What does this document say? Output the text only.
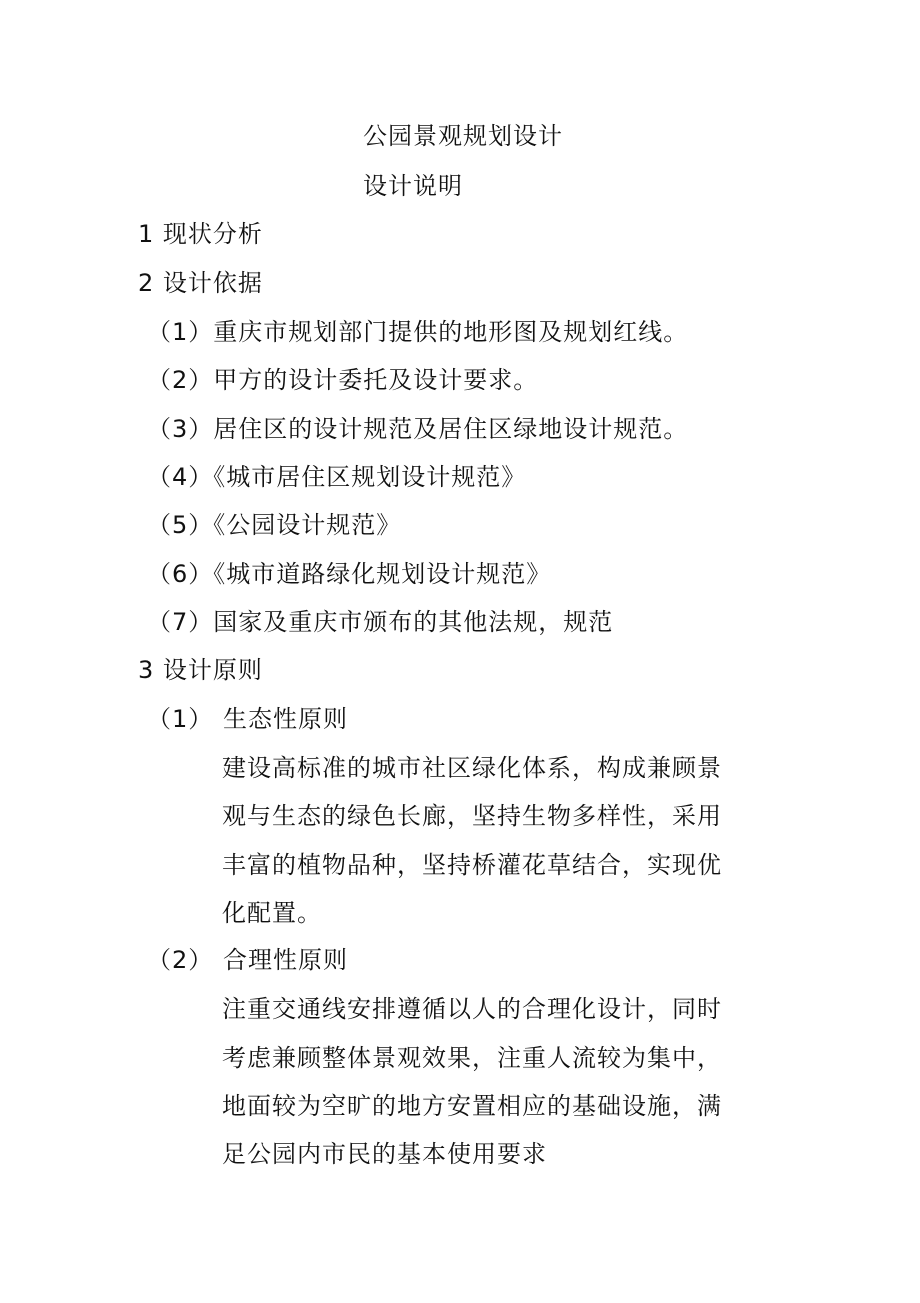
公园景观规划设计
设计说明
1 现状分析
2 设计依据
（1）重庆市规划部门提供的地形图及规划红线。
（2）甲方的设计委托及设计要求。
（3）居住区的设计规范及居住区绿地设计规范。
（4）《城市居住区规划设计规范》
（5）《公园设计规范》
（6）《城市道路绿化规划设计规范》
（7）国家及重庆市颁布的其他法规，规范
3 设计原则
（1） 生态性原则
建设高标准的城市社区绿化体系，构成兼顾景
观与生态的绿色长廊，坚持生物多样性，采用
丰富的植物品种，坚持桥灌花草结合，实现优
化配置。
（2） 合理性原则
注重交通线安排遵循以人的合理化设计，同时
考虑兼顾整体景观效果，注重人流较为集中，
地面较为空旷的地方安置相应的基础设施，满
足公园内市民的基本使用要求
